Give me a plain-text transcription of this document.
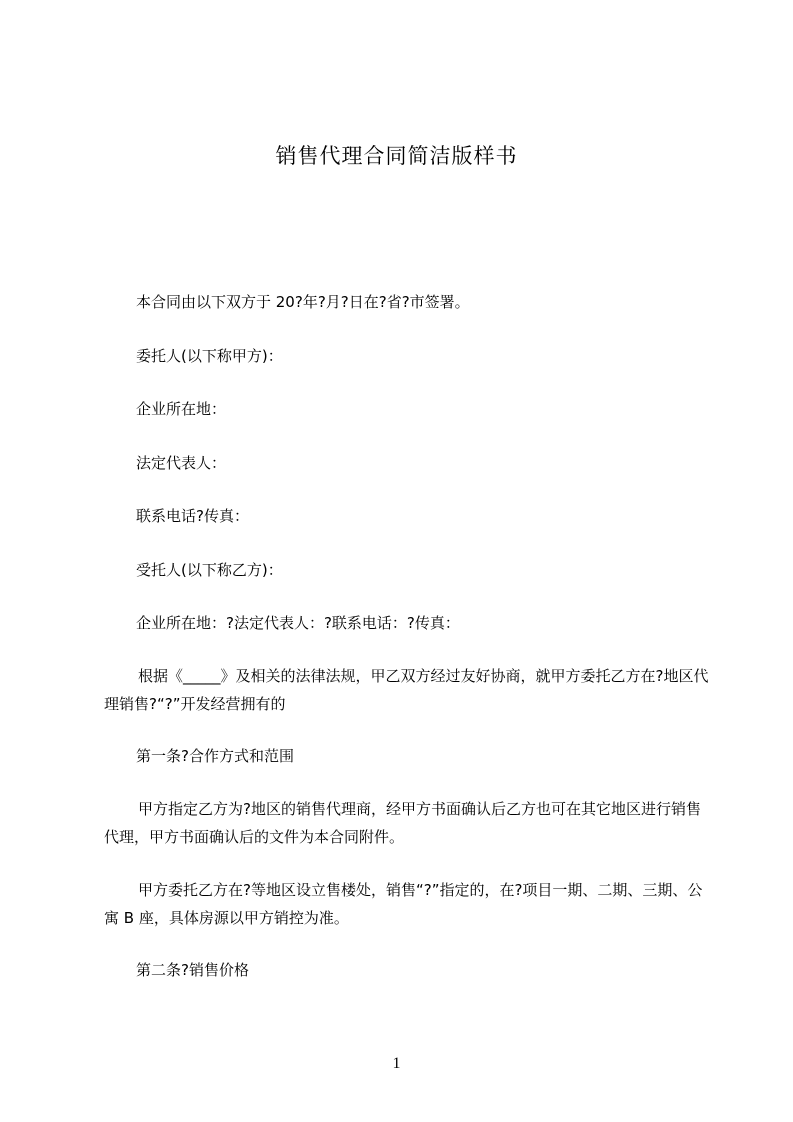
销售代理合同简洁版样书
本合同由以下双方于 20?年?月?日在?省?市签署。
委托人(以下称甲方)：
企业所在地：
法定代表人：
联系电话?传真：
受托人(以下称乙方)：
企业所在地：?法定代表人：?联系电话：?传真：
根据《_____》及相关的法律法规，甲乙双方经过友好协商，就甲方委托乙方在?地区代理销售?“?”开发经营拥有的
第一条?合作方式和范围
甲方指定乙方为?地区的销售代理商，经甲方书面确认后乙方也可在其它地区进行销售代理，甲方书面确认后的文件为本合同附件。
甲方委托乙方在?等地区设立售楼处，销售“?”指定的，在?项目一期、二期、三期、公寓 B 座，具体房源以甲方销控为准。
第二条?销售价格
1
